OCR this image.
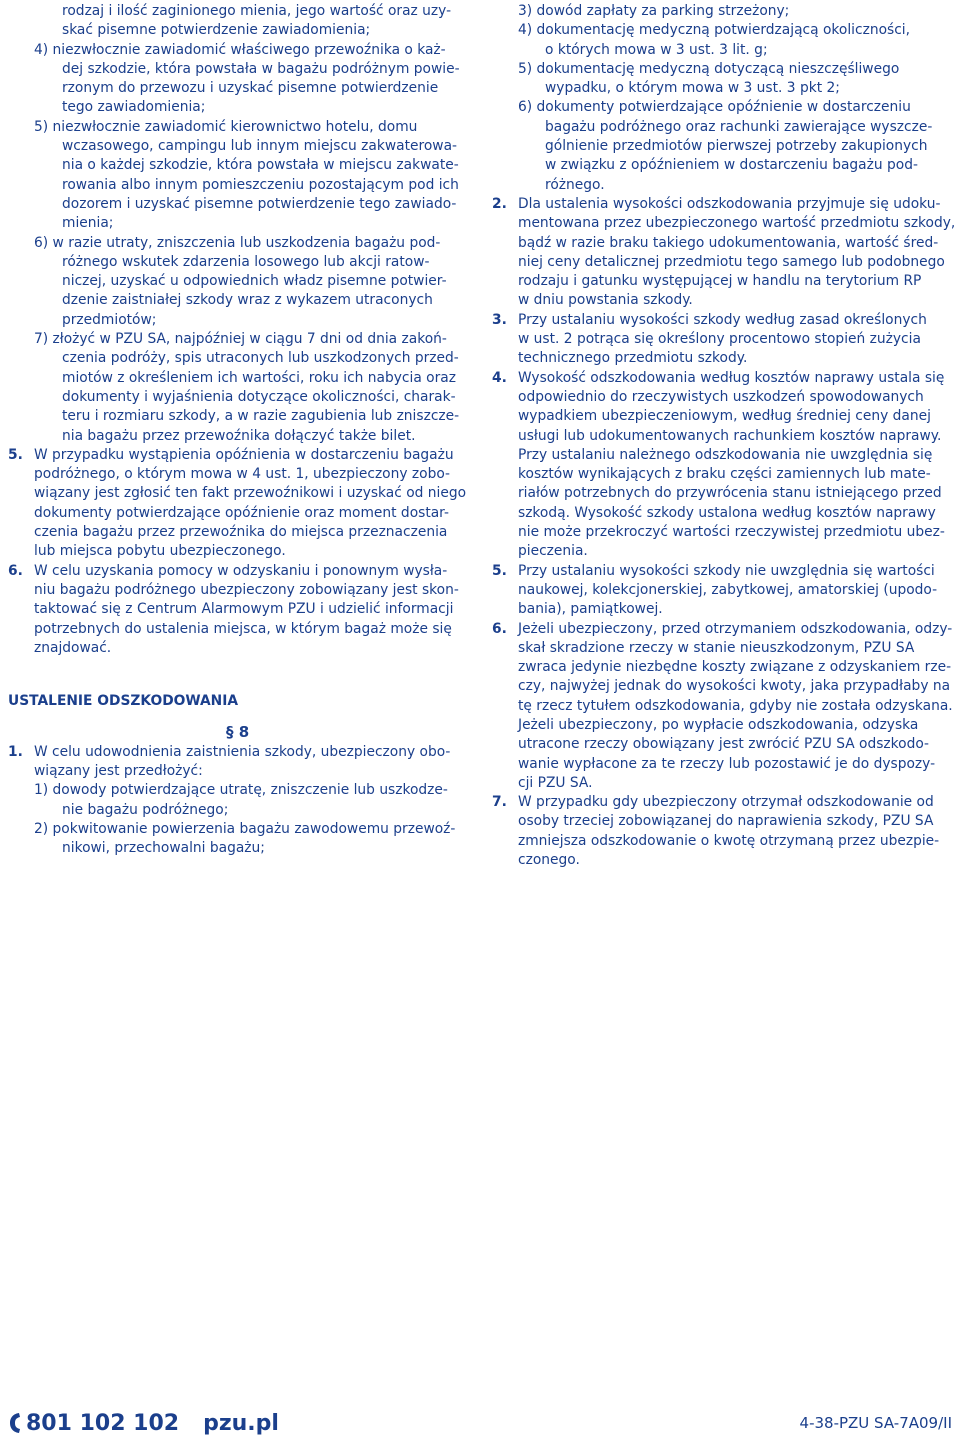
rodzaj i ilość zaginionego mienia, jego wartość oraz uzy-
skać pisemne potwierdzenie zawiadomienia;
4) niezwłocznie zawiadomić właściwego przewoźnika o każ-
dej szkodzie, która powstała w bagażu podróżnym powie-
rzonym do przewozu i uzyskać pisemne potwierdzenie
tego zawiadomienia;
5) niezwłocznie zawiadomić kierownictwo hotelu, domu
wczasowego, campingu lub innym miejscu zakwaterowa-
nia o każdej szkodzie, która powstała w miejscu zakwate-
rowania albo innym pomieszczeniu pozostającym pod ich
dozorem i uzyskać pisemne potwierdzenie tego zawiado-
mienia;
6) w razie utraty, zniszczenia lub uszkodzenia bagażu pod-
różnego wskutek zdarzenia losowego lub akcji ratow-
niczej, uzyskać u odpowiednich władz pisemne potwier-
dzenie zaistniałej szkody wraz z wykazem utraconych
przedmiotów;
7) złożyć w PZU SA, najpóźniej w ciągu 7 dni od dnia zakoń-
czenia podróży, spis utraconych lub uszkodzonych przed-
miotów z określeniem ich wartości, roku ich nabycia oraz
dokumenty i wyjaśnienia dotyczące okoliczności, charak-
teru i rozmiaru szkody, a w razie zagubienia lub zniszcze-
nia bagażu przez przewoźnika dołączyć także bilet.
5. W przypadku wystąpienia opóźnienia w dostarczeniu bagażu
podróżnego, o którym mowa w 4 ust. 1, ubezpieczony zobo-
wiązany jest zgłosić ten fakt przewoźnikowi i uzyskać od niego
dokumenty potwierdzające opóźnienie oraz moment dostar-
czenia bagażu przez przewoźnika do miejsca przeznaczenia
lub miejsca pobytu ubezpieczonego.
6. W celu uzyskania pomocy w odzyskaniu i ponownym wysła-
niu bagażu podróżnego ubezpieczony zobowiązany jest skon-
taktować się z Centrum Alarmowym PZU i udzielić informacji
potrzebnych do ustalenia miejsca, w którym bagaż może się
znajdować.
USTALENIE ODSZKODOWANIA
§ 8
1. W celu udowodnienia zaistnienia szkody, ubezpieczony obo-
wiązany jest przedłożyć:
1) dowody potwierdzające utratę, zniszczenie lub uszkodze-
nie bagażu podróżnego;
2) pokwitowanie powierzenia bagażu zawodowemu przewoź-
nikowi, przechowalni bagażu;
3) dowód zapłaty za parking strzeżony;
4) dokumentację medyczną potwierdzającą okoliczności,
o których mowa w 3 ust. 3 lit. g;
5) dokumentację medyczną dotyczącą nieszczęśliwego
wypadku, o którym mowa w 3 ust. 3 pkt 2;
6) dokumenty potwierdzające opóźnienie w dostarczeniu
bagażu podróżnego oraz rachunki zawierające wyszcze-
gólnienie przedmiotów pierwszej potrzeby zakupionych
w związku z opóźnieniem w dostarczeniu bagażu pod-
różnego.
2. Dla ustalenia wysokości odszkodowania przyjmuje się udoku-
mentowana przez ubezpieczonego wartość przedmiotu szkody,
bądź w razie braku takiego udokumentowania, wartość śred-
niej ceny detalicznej przedmiotu tego samego lub podobnego
rodzaju i gatunku występującej w handlu na terytorium RP
w dniu powstania szkody.
3. Przy ustalaniu wysokości szkody według zasad określonych
w ust. 2 potrąca się określony procentowo stopień zużycia
technicznego przedmiotu szkody.
4. Wysokość odszkodowania według kosztów naprawy ustala się
odpowiednio do rzeczywistych uszkodzeń spowodowanych
wypadkiem ubezpieczeniowym, według średniej ceny danej
usługi lub udokumentowanych rachunkiem kosztów naprawy.
Przy ustalaniu należnego odszkodowania nie uwzględnia się
kosztów wynikających z braku części zamiennych lub mate-
riałów potrzebnych do przywrócenia stanu istniejącego przed
szkodą. Wysokość szkody ustalona według kosztów naprawy
nie może przekroczyć wartości rzeczywistej przedmiotu ubez-
pieczenia.
5. Przy ustalaniu wysokości szkody nie uwzględnia się wartości
naukowej, kolekcjonerskiej, zabytkowej, amatorskiej (upodo-
bania), pamiątkowej.
6. Jeżeli ubezpieczony, przed otrzymaniem odszkodowania, odzy-
skał skradzione rzeczy w stanie nieuszkodzonym, PZU SA
zwraca jedynie niezbędne koszty związane z odzyskaniem rze-
czy, najwyżej jednak do wysokości kwoty, jaka przypadłaby na
tę rzecz tytułem odszkodowania, gdyby nie została odzyskana.
Jeżeli ubezpieczony, po wypłacie odszkodowania, odzyska
utracone rzeczy obowiązany jest zwrócić PZU SA odszkodo-
wanie wypłacone za te rzeczy lub pozostawić je do dyspozy-
cji PZU SA.
7. W przypadku gdy ubezpieczony otrzymał odszkodowanie od
osoby trzeciej zobowiązanej do naprawienia szkody, PZU SA
zmniejsza odszkodowanie o kwotę otrzymaną przez ubezpie-
czonego.
801 102 102 pzu.pl	4-38-PZU SA-7A09/II
